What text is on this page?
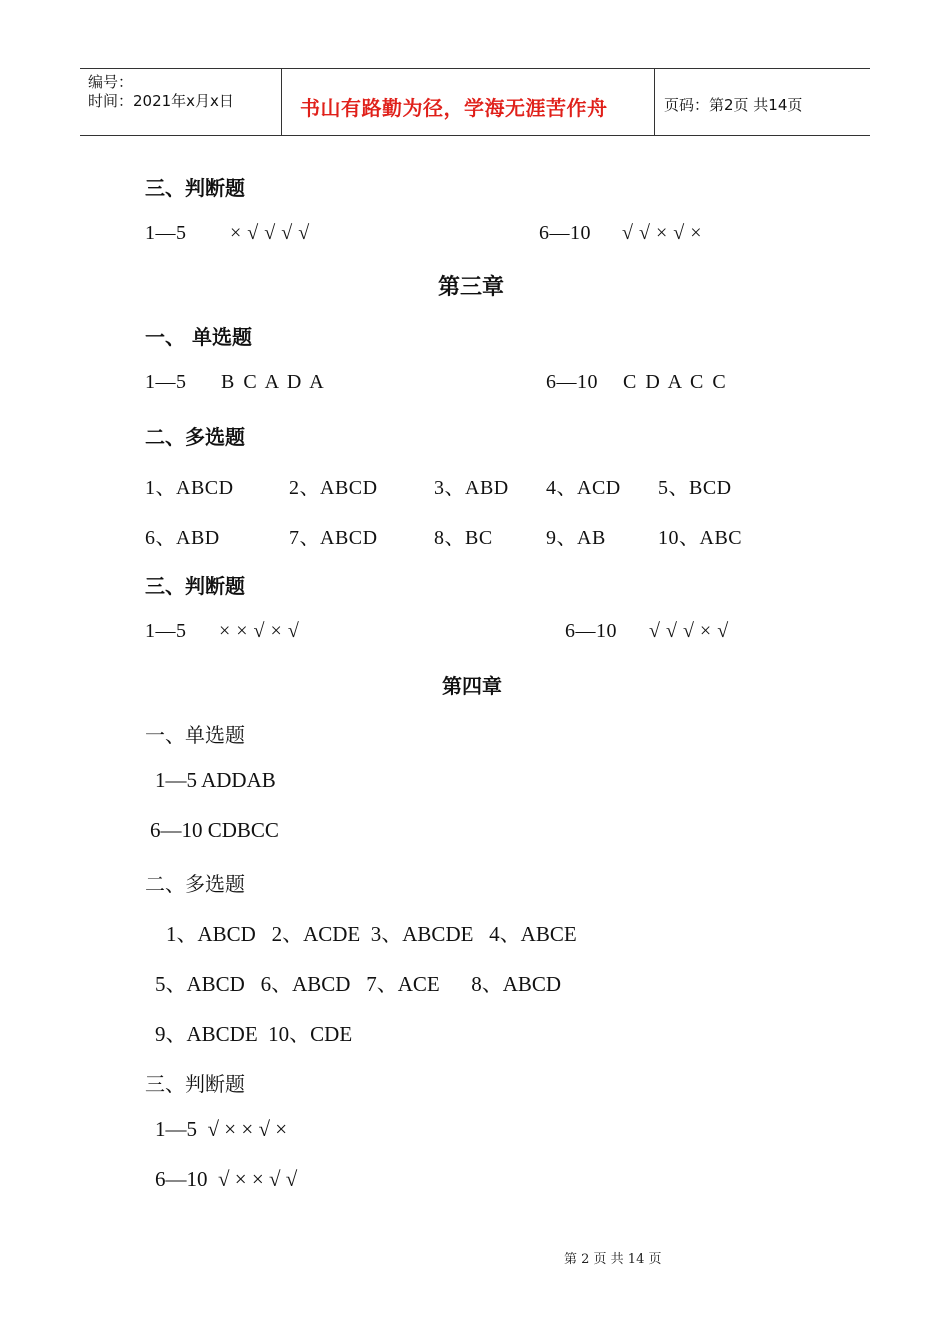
编号：
时间：2021年x月x日	书山有路勤为径，学海无涯苦作舟	页码：第2页 共14页
三、判断题
1—5 × √ √ √ √	6—10 √ √ × √ ×
第三章
一、 单选题
1—5 B C A D A	6—10 C D A C C
二、多选题
1、ABCD	2、ABCD	3、ABD 4、ACD 5、BCD
6、ABD	7、ABCD	8、BC	9、AB	10、ABC
三、判断题
1—5 × × √ × √	6—10 √ √ √ × √
第四章
一、单选题
1—5 ADDAB
6—10 CDBCC
二、多选题
1、ABCD   2、ACDE  3、ABCDE   4、ABCE
5、ABCD   6、ABCD   7、ACE      8、ABCD
9、ABCDE  10、CDE
三、判断题
1—5  √ × × √ ×
6—10  √ × × √ √
第 2 页 共 14 页
